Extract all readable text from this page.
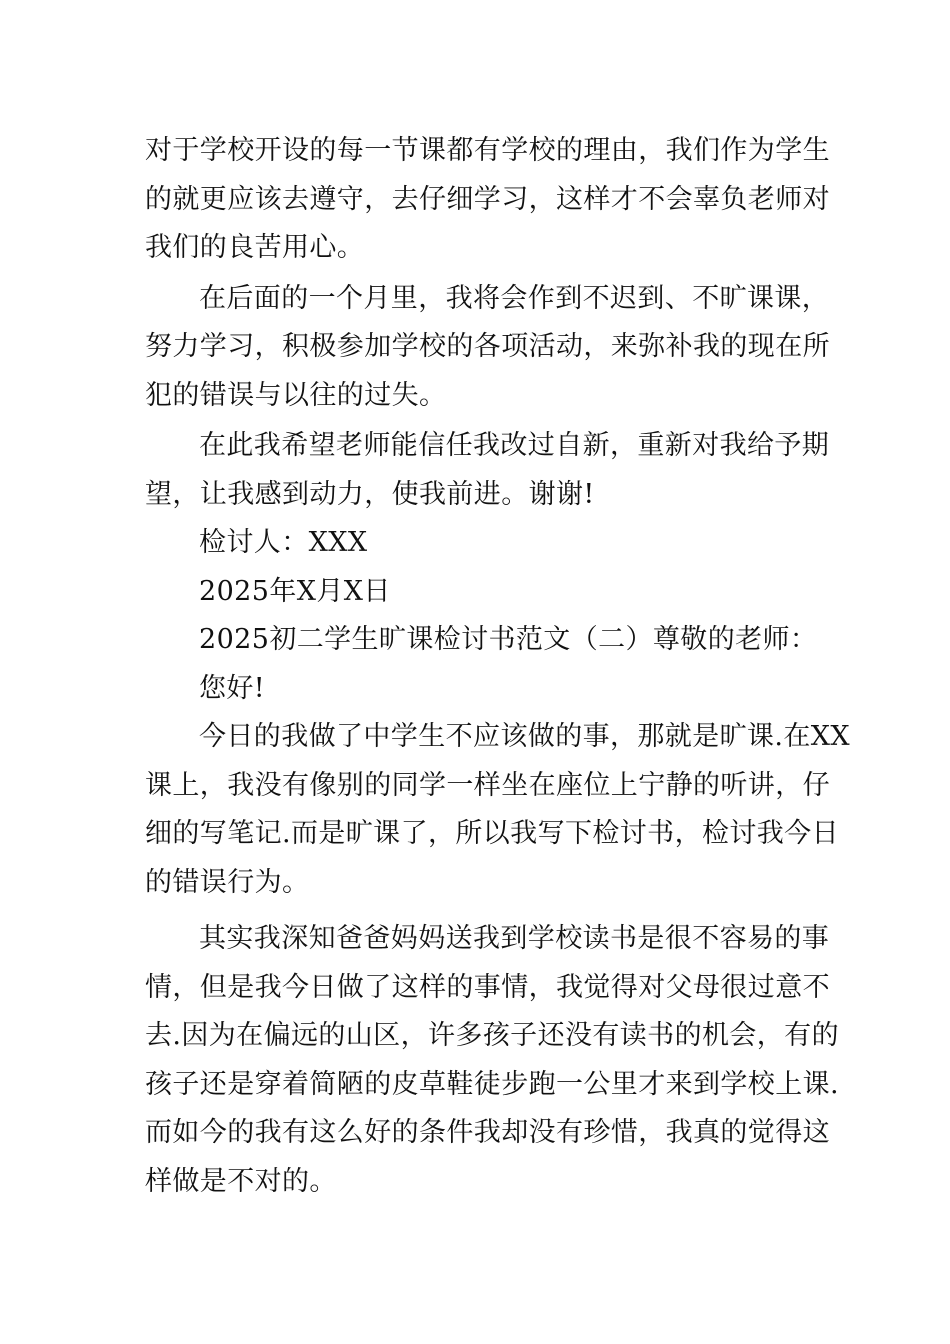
对于学校开设的每一节课都有学校的理由，我们作为学生
的就更应该去遵守，去仔细学习，这样才不会辜负老师对
我们的良苦用心。
在后面的一个月里，我将会作到不迟到、不旷课课，
努力学习，积极参加学校的各项活动，来弥补我的现在所
犯的错误与以往的过失。
在此我希望老师能信任我改过自新，重新对我给予期
望，让我感到动力，使我前进。谢谢!
检讨人：XXX
2025年X月X日
2025初二学生旷课检讨书范文（二）尊敬的老师：
您好!
今日的我做了中学生不应该做的事，那就是旷课.在XX
课上，我没有像别的同学一样坐在座位上宁静的听讲，仔
细的写笔记.而是旷课了，所以我写下检讨书，检讨我今日
的错误行为。
其实我深知爸爸妈妈送我到学校读书是很不容易的事
情，但是我今日做了这样的事情，我觉得对父母很过意不
去.因为在偏远的山区，许多孩子还没有读书的机会，有的
孩子还是穿着简陋的皮草鞋徒步跑一公里才来到学校上课.
而如今的我有这么好的条件我却没有珍惜，我真的觉得这
样做是不对的。
